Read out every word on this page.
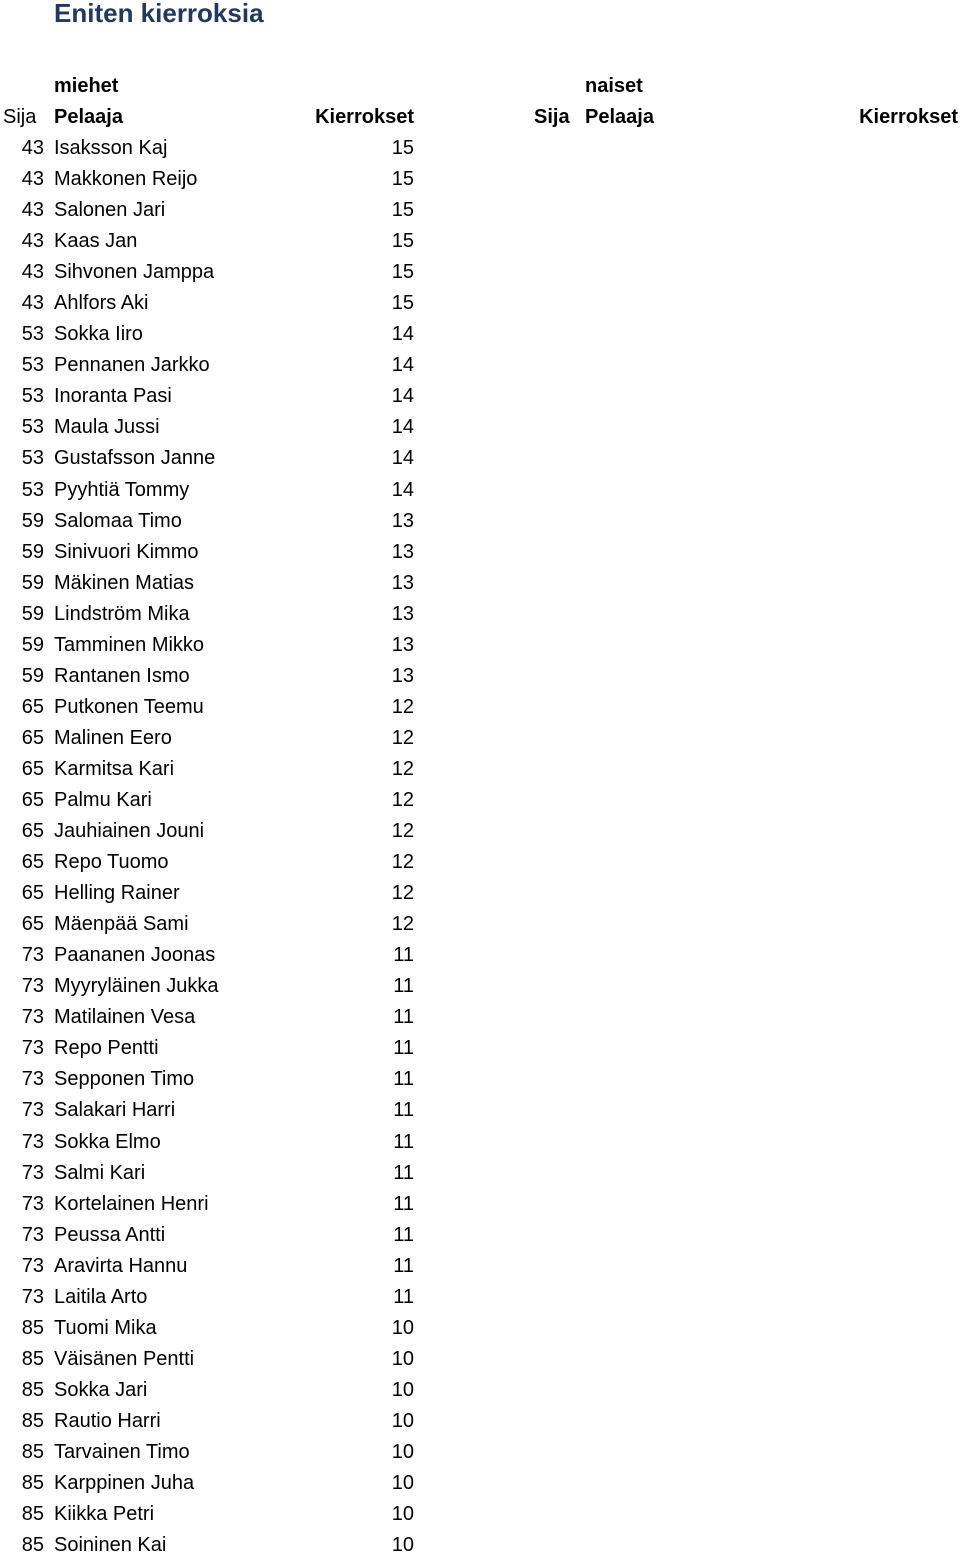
Eniten kierroksia
miehet	naiset
Sija Pelaaja	Kierrokset	Sija Pelaaja	Kierrokset
43 Isaksson Kaj	15
43 Makkonen Reijo	15
43 Salonen Jari	15
43 Kaas Jan	15
43 Sihvonen Jamppa	15
43 Ahlfors Aki	15
53 Sokka Iiro	14
53 Pennanen Jarkko	14
53 Inoranta Pasi	14
53 Maula Jussi	14
53 Gustafsson Janne	14
53 Pyyhtiä Tommy	14
59 Salomaa Timo	13
59 Sinivuori Kimmo	13
59 Mäkinen Matias	13
59 Lindström Mika	13
59 Tamminen Mikko	13
59 Rantanen Ismo	13
65 Putkonen Teemu	12
65 Malinen Eero	12
65 Karmitsa Kari	12
65 Palmu Kari	12
65 Jauhiainen Jouni	12
65 Repo Tuomo	12
65 Helling Rainer	12
65 Mäenpää Sami	12
73 Paananen Joonas	11
73 Myyryläinen Jukka	11
73 Matilainen Vesa	11
73 Repo Pentti	11
73 Sepponen Timo	11
73 Salakari Harri	11
73 Sokka Elmo	11
73 Salmi Kari	11
73 Kortelainen Henri	11
73 Peussa Antti	11
73 Aravirta Hannu	11
73 Laitila Arto	11
85 Tuomi Mika	10
85 Väisänen Pentti	10
85 Sokka Jari	10
85 Rautio Harri	10
85 Tarvainen Timo	10
85 Karppinen Juha	10
85 Kiikka Petri	10
85 Soininen Kai	10
